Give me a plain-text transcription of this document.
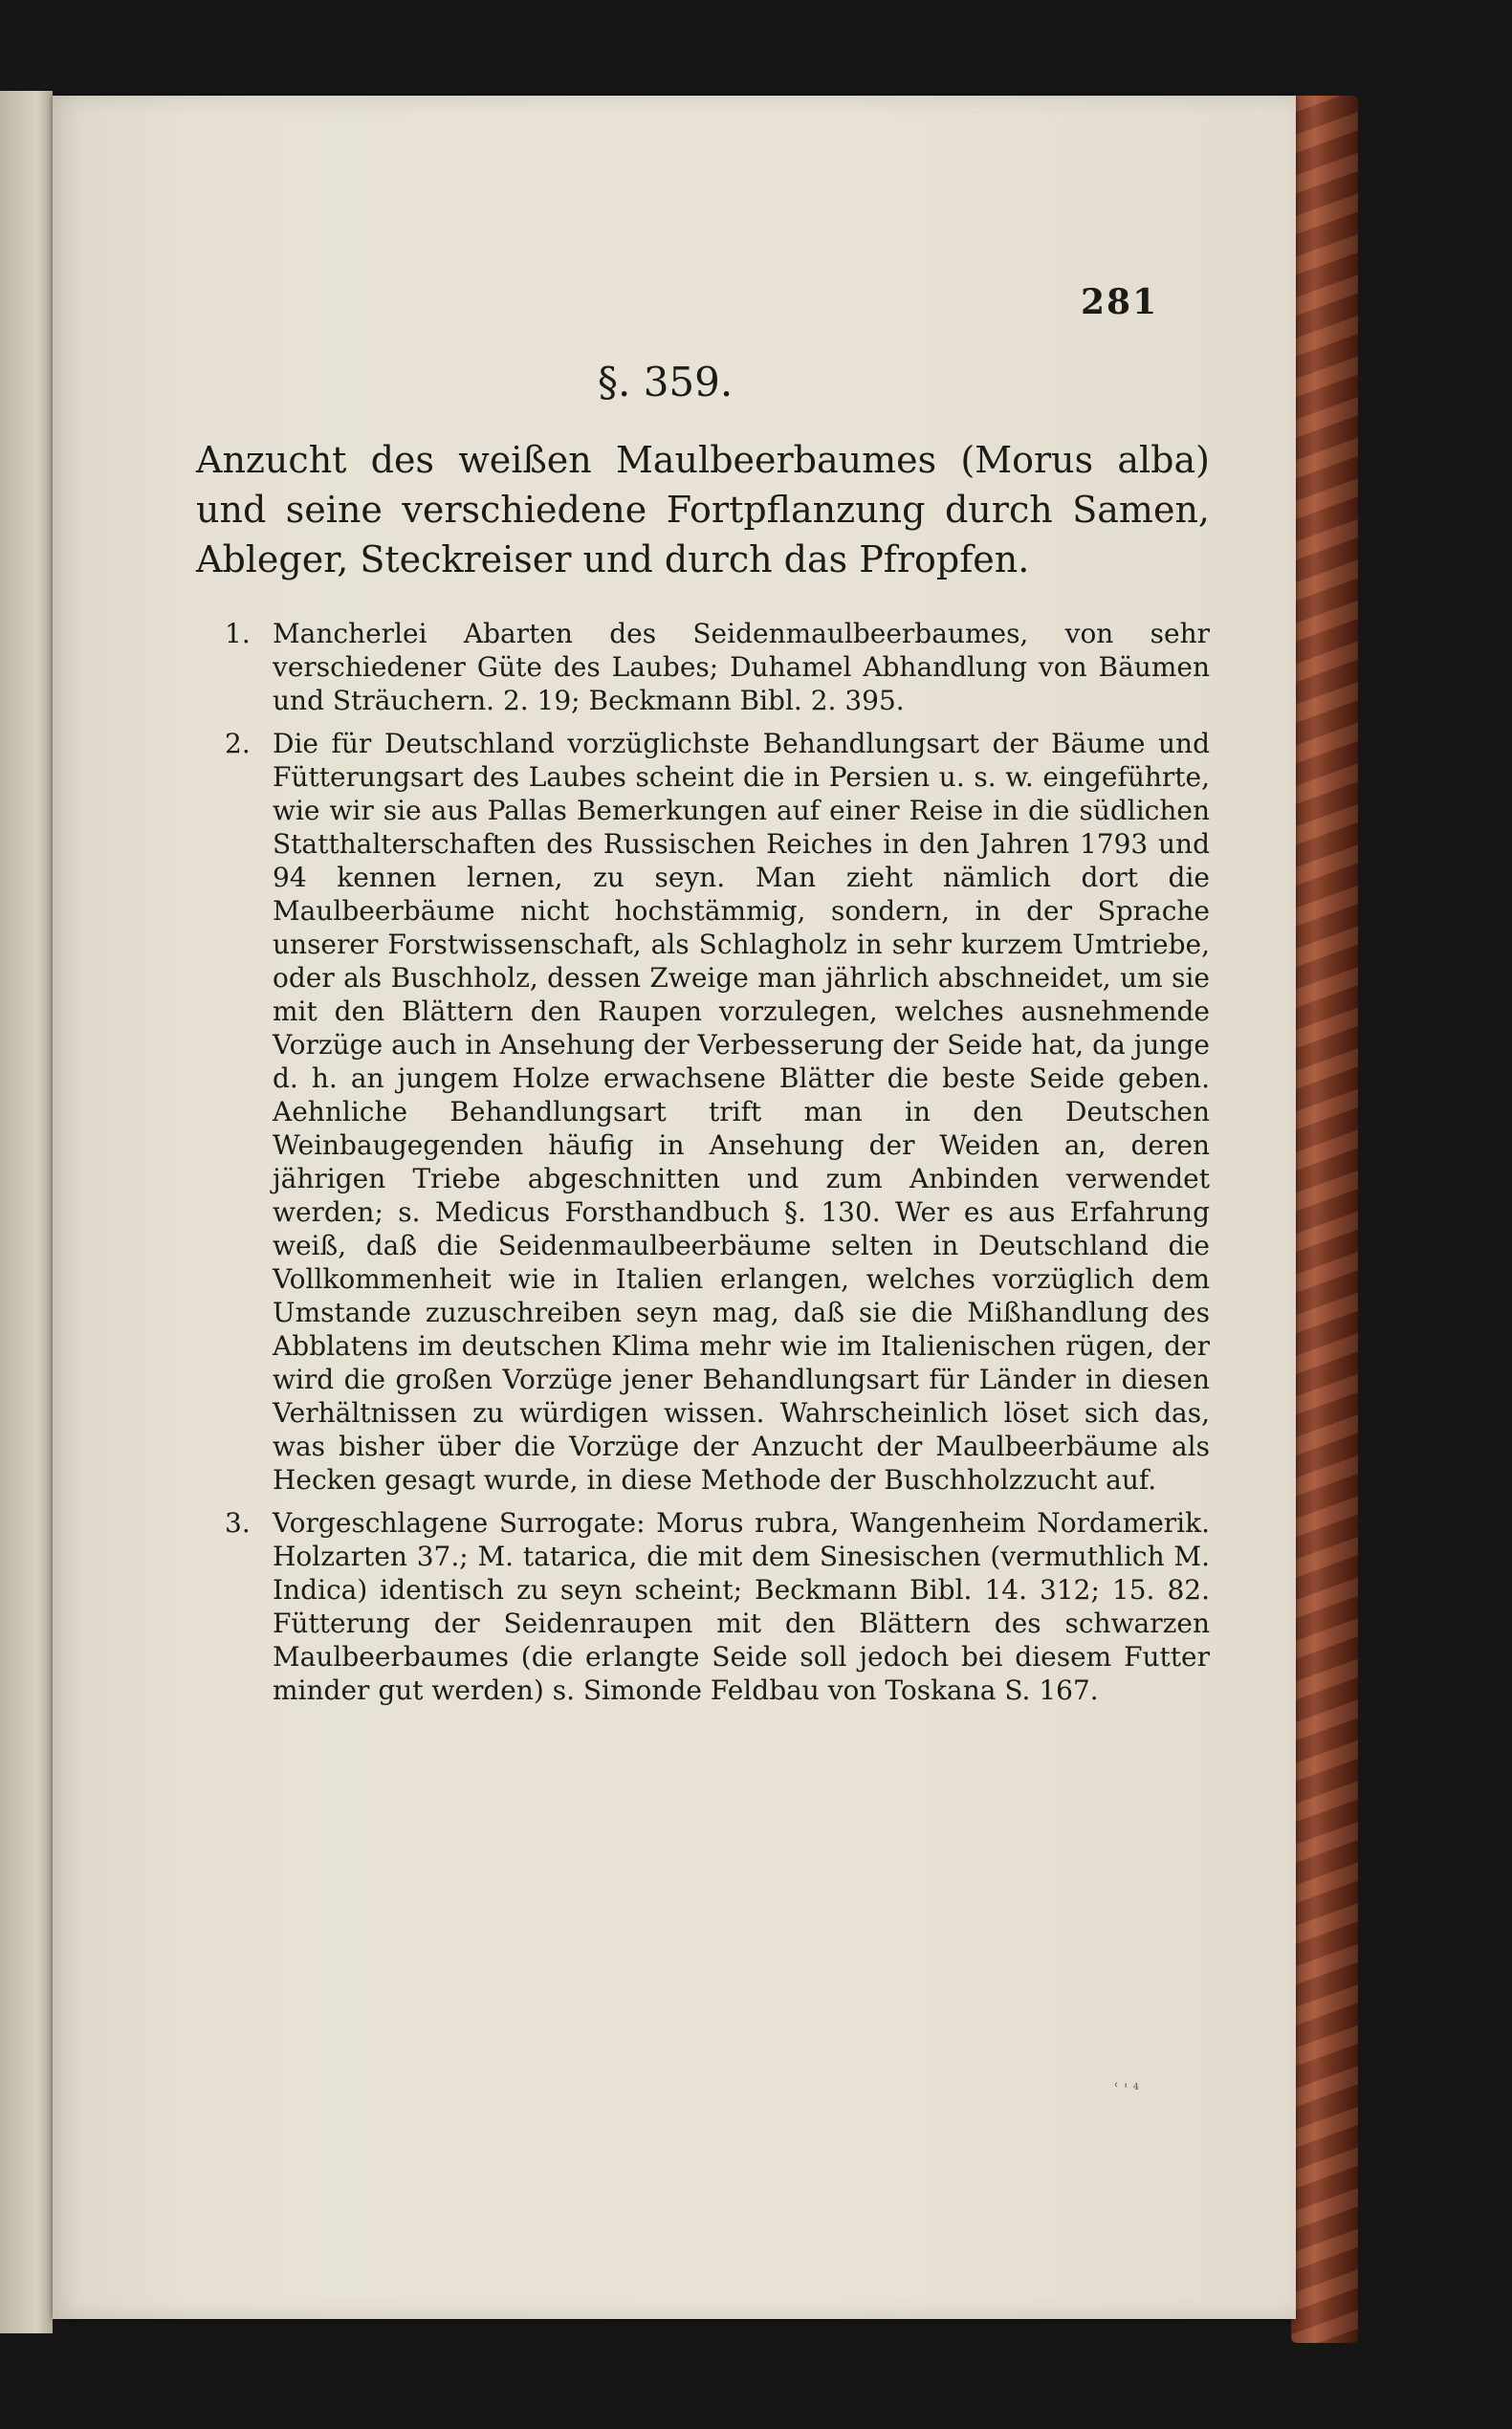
281
§. 359.
Anzucht des weißen Maulbeerbaumes (Morus alba) und seine verschiedene Fortpflanzung durch Samen, Ableger, Steckreiser und durch das Pfropfen.
1. Mancherlei Abarten des Seidenmaulbeerbaumes, von sehr verschiedener Güte des Laubes; Duhamel Abhandlung von Bäumen und Sträuchern. 2. 19; Beckmann Bibl. 2. 395.
2. Die für Deutschland vorzüglichste Behandlungsart der Bäume und Fütterungsart des Laubes scheint die in Persien u. s. w. eingeführte, wie wir sie aus Pallas Bemerkungen auf einer Reise in die südlichen Statthalterschaften des Russischen Reiches in den Jahren 1793 und 94 kennen lernen, zu seyn. Man zieht nämlich dort die Maulbeerbäume nicht hochstämmig, sondern, in der Sprache unserer Forstwissenschaft, als Schlagholz in sehr kurzem Umtriebe, oder als Buschholz, dessen Zweige man jährlich abschneidet, um sie mit den Blättern den Raupen vorzulegen, welches ausnehmende Vorzüge auch in Ansehung der Verbesserung der Seide hat, da junge d. h. an jungem Holze erwachsene Blätter die beste Seide geben. Aehnliche Behandlungsart trift man in den Deutschen Weinbaugegenden häufig in Ansehung der Weiden an, deren jährigen Triebe abgeschnitten und zum Anbinden verwendet werden; s. Medicus Forsthandbuch §. 130. Wer es aus Erfahrung weiß, daß die Seidenmaulbeerbäume selten in Deutschland die Vollkommenheit wie in Italien erlangen, welches vorzüglich dem Umstande zuzuschreiben seyn mag, daß sie die Mißhandlung des Abblatens im deutschen Klima mehr wie im Italienischen rügen, der wird die großen Vorzüge jener Behandlungsart für Länder in diesen Verhältnissen zu würdigen wissen. Wahrscheinlich löset sich das, was bisher über die Vorzüge der Anzucht der Maulbeerbäume als Hecken gesagt wurde, in diese Methode der Buschholzzucht auf.
3. Vorgeschlagene Surrogate: Morus rubra, Wangenheim Nordamerik. Holzarten 37.; M. tatarica, die mit dem Sinesischen (vermuthlich M. Indica) identisch zu seyn scheint; Beckmann Bibl. 14. 312; 15. 82. Fütterung der Seidenraupen mit den Blättern des schwarzen Maulbeerbaumes (die erlangte Seide soll jedoch bei diesem Futter minder gut werden) s. Simonde Feldbau von Toskana S. 167.
ʿ ' ⁴
